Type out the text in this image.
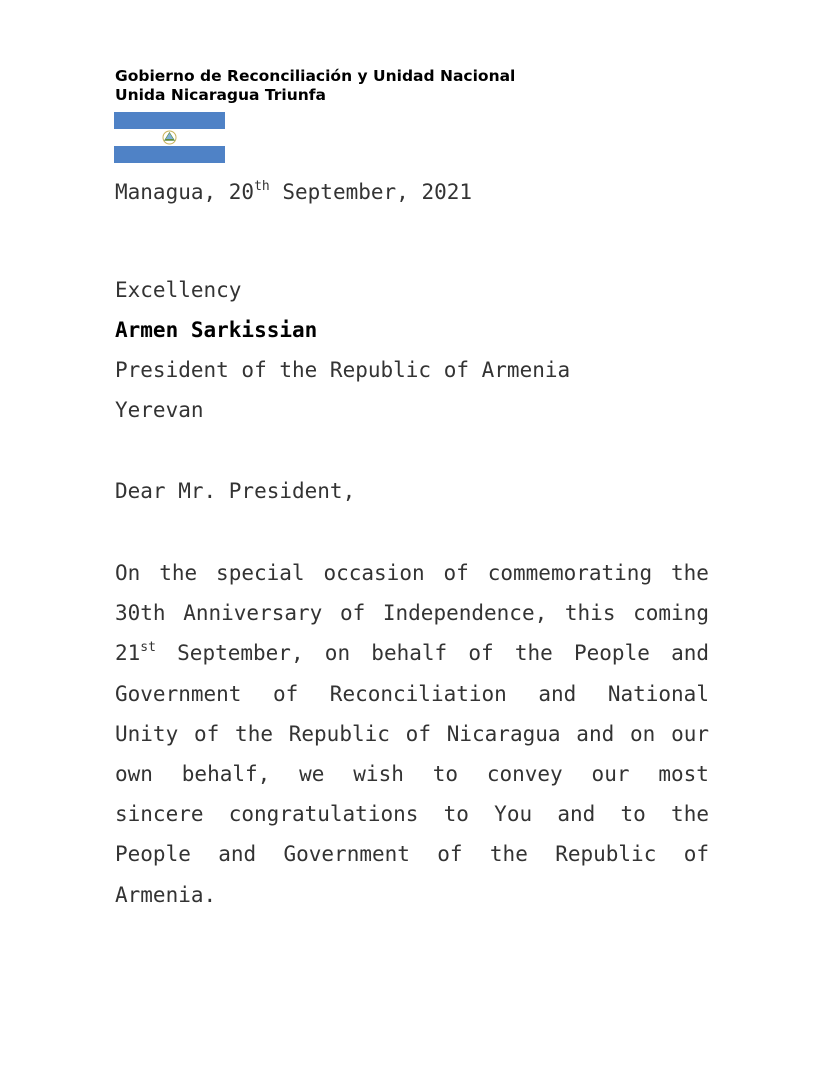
Gobierno de Reconciliación y Unidad Nacional
Unida Nicaragua Triunfa
Managua, 20th September, 2021
Excellency
Armen Sarkissian
President of the Republic of Armenia
Yerevan
Dear Mr. President,
On the special occasion of commemorating the
30th Anniversary of Independence, this coming
21st September, on behalf of the People and
Government of Reconciliation and National
Unity of the Republic of Nicaragua and on our
own behalf, we wish to convey our most
sincere congratulations to You and to the
People and Government of the Republic of
Armenia.
